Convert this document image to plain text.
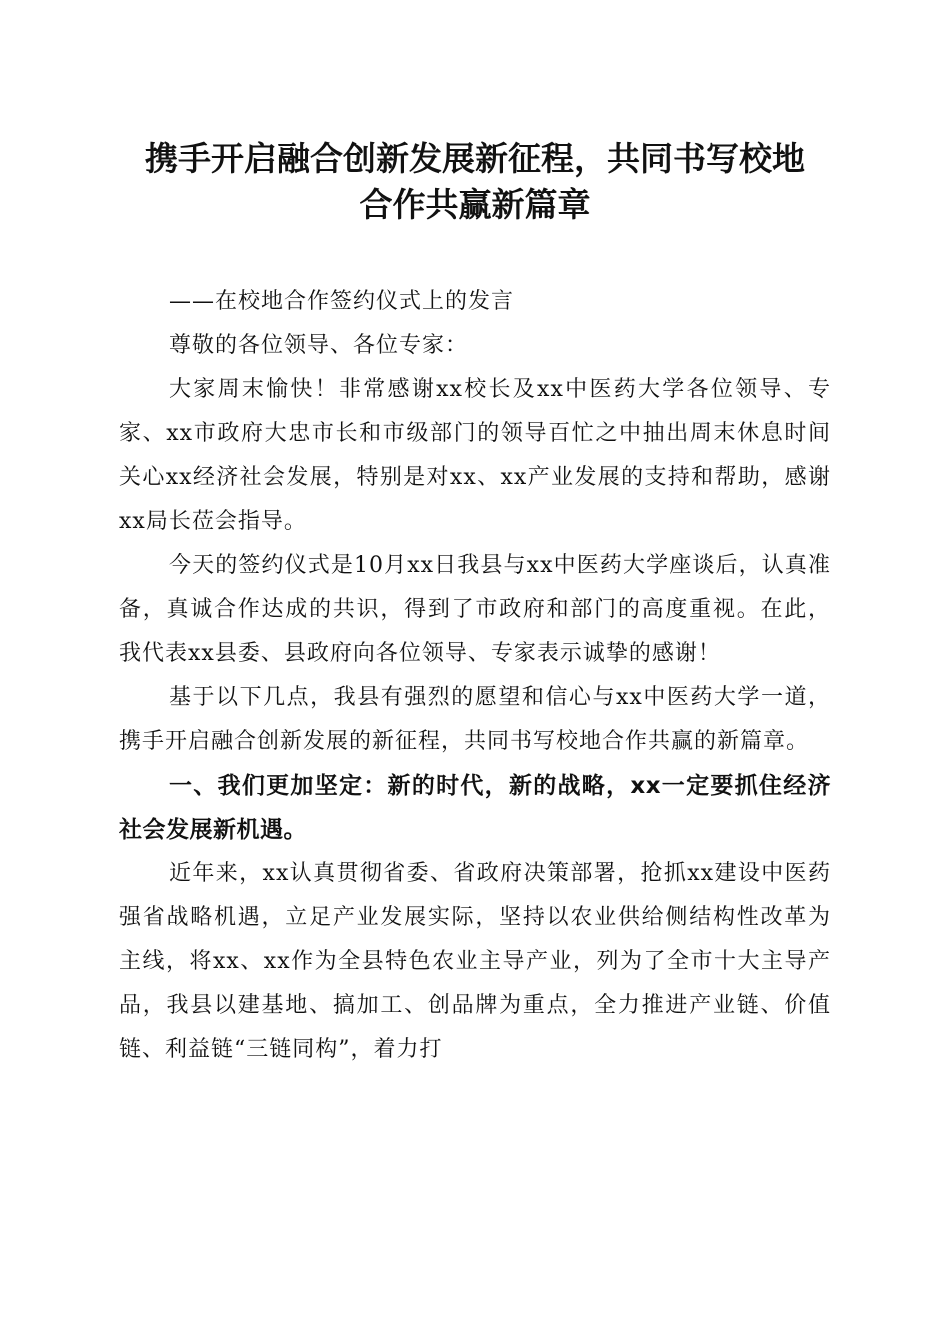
携手开启融合创新发展新征程，共同书写校地
合作共赢新篇章

——在校地合作签约仪式上的发言

尊敬的各位领导、各位专家：

大家周末愉快！非常感谢xx校长及xx中医药大学各位领导、专家、xx市政府大忠市长和市级部门的领导百忙之中抽出周末休息时间关心xx经济社会发展，特别是对xx、xx产业发展的支持和帮助，感谢xx局长莅会指导。

今天的签约仪式是10月xx日我县与xx中医药大学座谈后，认真准备，真诚合作达成的共识，得到了市政府和部门的高度重视。在此，我代表xx县委、县政府向各位领导、专家表示诚挚的感谢！

基于以下几点，我县有强烈的愿望和信心与xx中医药大学一道，携手开启融合创新发展的新征程，共同书写校地合作共赢的新篇章。

一、我们更加坚定：新的时代，新的战略，xx一定要抓住经济社会发展新机遇。

近年来，xx认真贯彻省委、省政府决策部署，抢抓xx建设中医药强省战略机遇，立足产业发展实际，坚持以农业供给侧结构性改革为主线，将xx、xx作为全县特色农业主导产业，列为了全市十大主导产品，我县以建基地、搞加工、创品牌为重点，全力推进产业链、价值链、利益链“三链同构”，着力打
